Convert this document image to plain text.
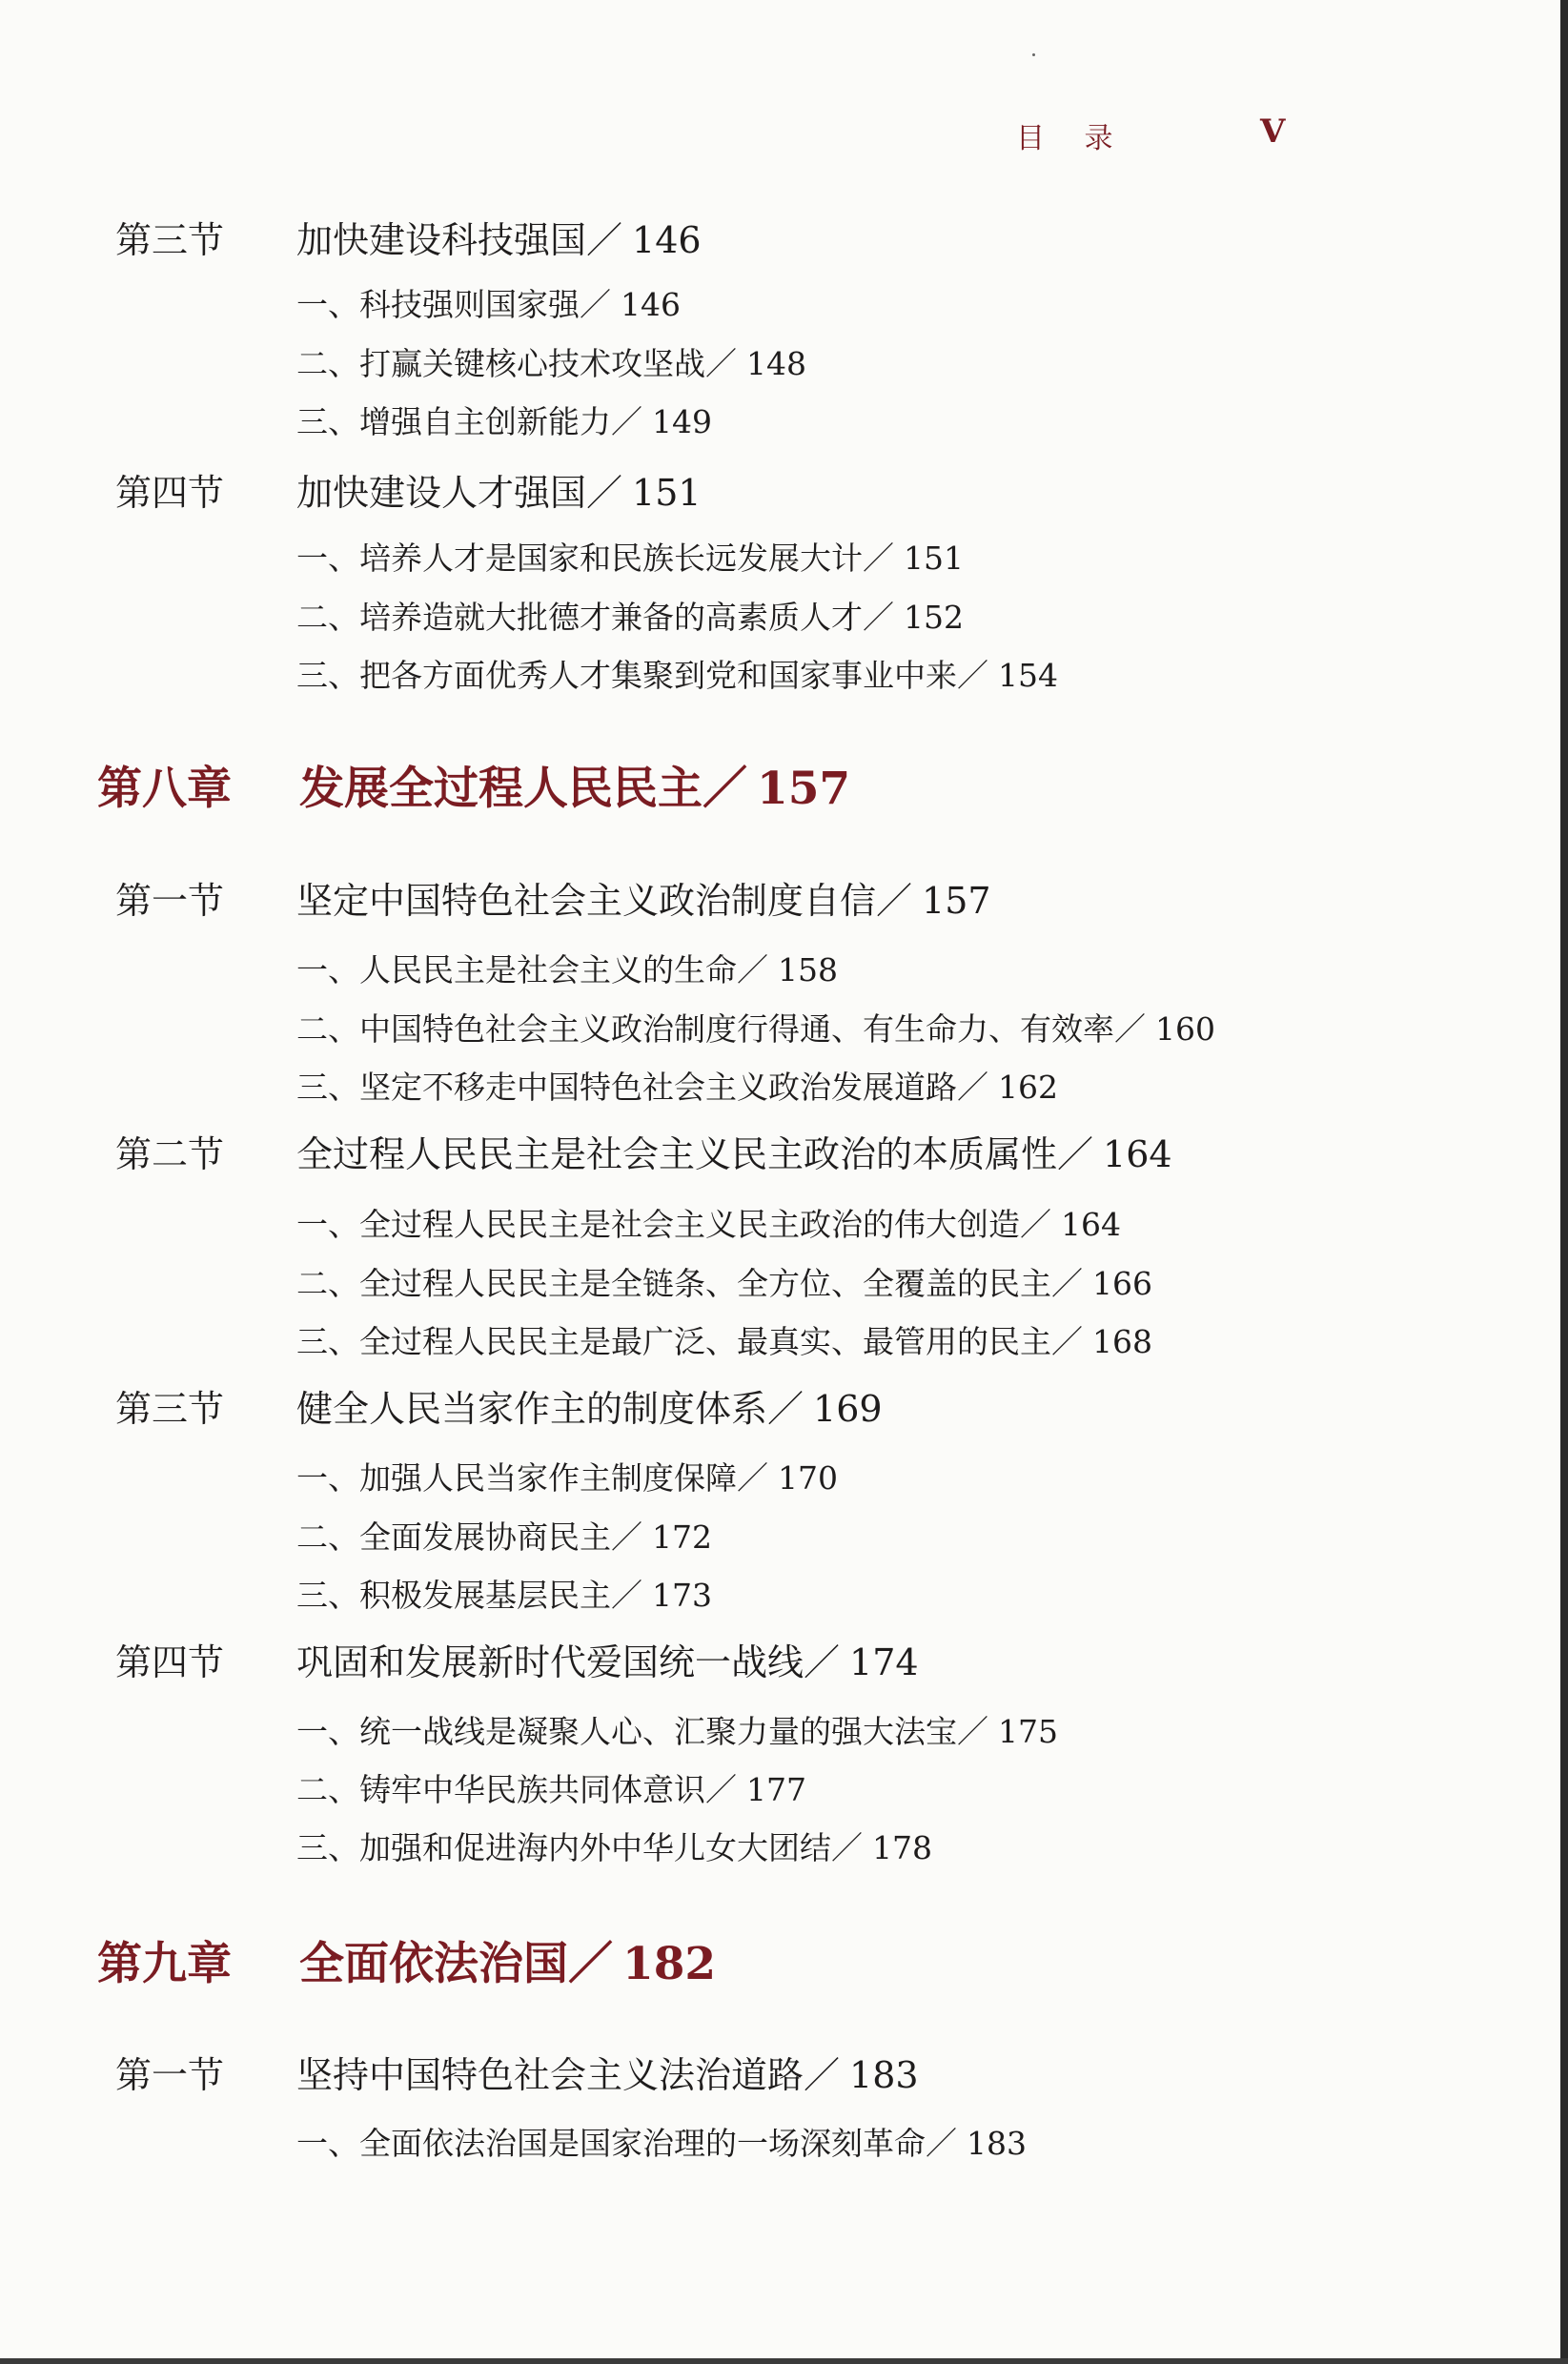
目 录	V
第三节 加快建设科技强国／ 146
一、科技强则国家强／ 146
二、打赢关键核心技术攻坚战／ 148
三、增强自主创新能力／ 149
第四节 加快建设人才强国／ 151
一、培养人才是国家和民族长远发展大计／ 151
二、培养造就大批德才兼备的高素质人才／ 152
三、把各方面优秀人才集聚到党和国家事业中来／ 154
第八章 发展全过程人民民主／ 157
第一节 坚定中国特色社会主义政治制度自信／ 157
一、人民民主是社会主义的生命／ 158
二、中国特色社会主义政治制度行得通、有生命力、有效率／ 160
三、坚定不移走中国特色社会主义政治发展道路／ 162
第二节 全过程人民民主是社会主义民主政治的本质属性／ 164
一、全过程人民民主是社会主义民主政治的伟大创造／ 164
二、全过程人民民主是全链条、全方位、全覆盖的民主／ 166
三、全过程人民民主是最广泛、最真实、最管用的民主／ 168
第三节 健全人民当家作主的制度体系／ 169
一、加强人民当家作主制度保障／ 170
二、全面发展协商民主／ 172
三、积极发展基层民主／ 173
第四节 巩固和发展新时代爱国统一战线／ 174
一、统一战线是凝聚人心、汇聚力量的强大法宝／ 175
二、铸牢中华民族共同体意识／ 177
三、加强和促进海内外中华儿女大团结／ 178
第九章 全面依法治国／ 182
第一节 坚持中国特色社会主义法治道路／ 183
一、全面依法治国是国家治理的一场深刻革命／ 183
